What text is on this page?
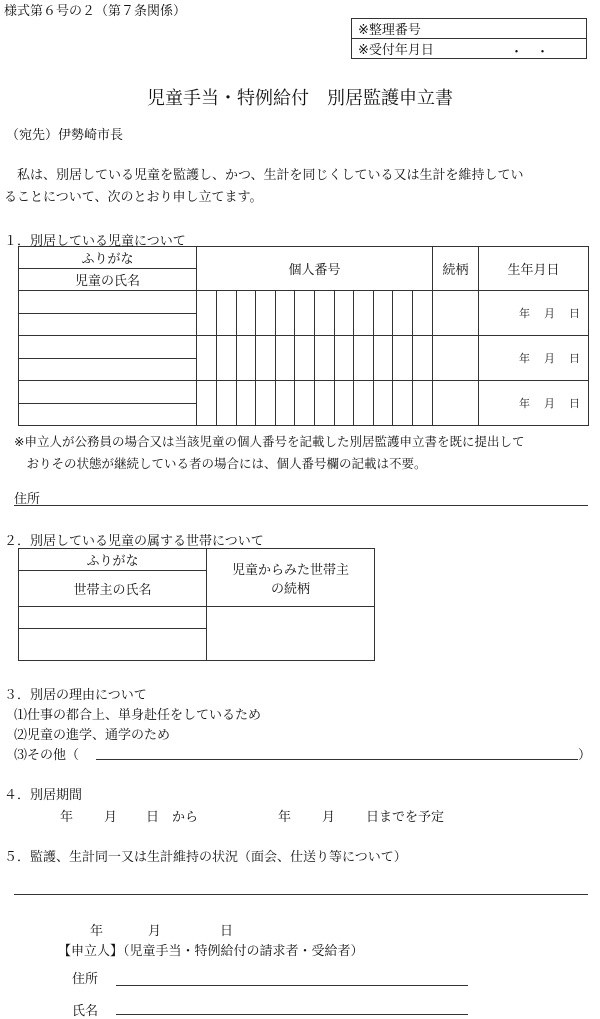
様式第６号の２（第７条関係）
※整理番号
※受付年月日	・　・
児童手当・特例給付　別居監護申立書
（宛先）伊勢崎市長
　私は、別居している児童を監護し、かつ、生計を同じくしている又は生計を維持してい
ることについて、次のとおり申し立てます。
１．別居している児童について
ふりがな	個人番号	続柄	生年月日
児童の氏名

年 月 日

年 月 日

年 月 日

※申立人が公務員の場合又は当該児童の個人番号を記載した別居監護申立書を既に提出して
　おりその状態が継続している者の場合には、個人番号欄の記載は不要。
住所
２．別居している児童の属する世帯について
ふりがな	児童からみた世帯主
の続柄

世帯主の氏名	

３．別居の理由について
⑴仕事の都合上、単身赴任をしているため
⑵児童の進学、通学のため
⑶その他（	）
４．別居期間
年 月 日　から	年 月 日までを予定
５．監護、生計同一又は生計維持の状況（面会、仕送り等について）
年	月	日
【申立人】（児童手当・特例給付の請求者・受給者）
住所
氏名
